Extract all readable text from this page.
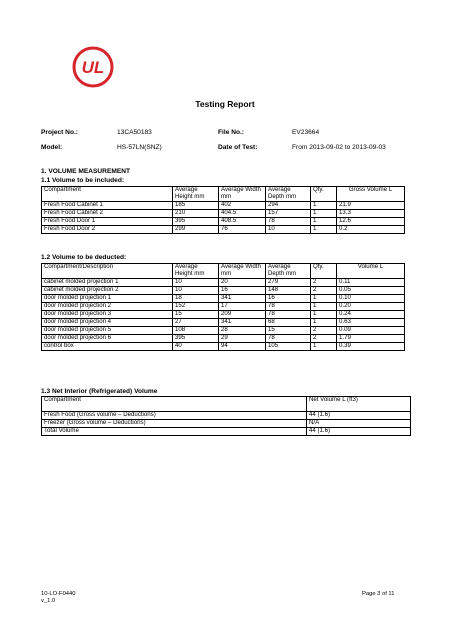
UL
Testing Report
Project No.:	13CA50183	File No.:	EV23664
Model:	HS-57LN(SNZ)	Date of Test:	From 2013-09-02 to 2013-09-03
1. VOLUME MEASUREMENT
1.1 Volume to be included:
Compartment	Average Height mm	Average Width mm	Average Depth mm	Qty.	Gross Volume L
Fresh Food Cabinet 1	185	402	294	1	21.9
Fresh Food Cabinet 2	210	404.5	157	1	13.3
Fresh Food Door 1	395	408.5	78	1	12.6
Fresh Food Door 2	299	76	10	1	0.2
1.2 Volume to be deducted:
Compartment/Description	Average Height mm	Average Width mm	Average Depth mm	Qty.	Volume L
cabinet molded projection 1	10	20	279	2	0.11
cabinet molded projection 2	10	16	148	2	0.05
door molded projection 1	18	341	16	1	0.10
door molded projection 2	152	17	78	1	0.20
door molded projection 3	15	209	78	1	0.24
door molded projection 4	27	341	68	1	0.63
door molded projection 5	108	28	15	2	0.09
door molded projection 6	395	29	78	2	1.79
control box	40	94	105	1	0.39
1.3 Net Interior (Refrigerated) Volume
Compartment	Net Volume L (ft3)
Fresh Food (Gross volume – Deductions)	44 (1.6)
Freezer (Gross volume – Deductions)	N/A
Total Volume	44 (1.6)
10-LO-F0440
v_1.0
Page 3 of 11
